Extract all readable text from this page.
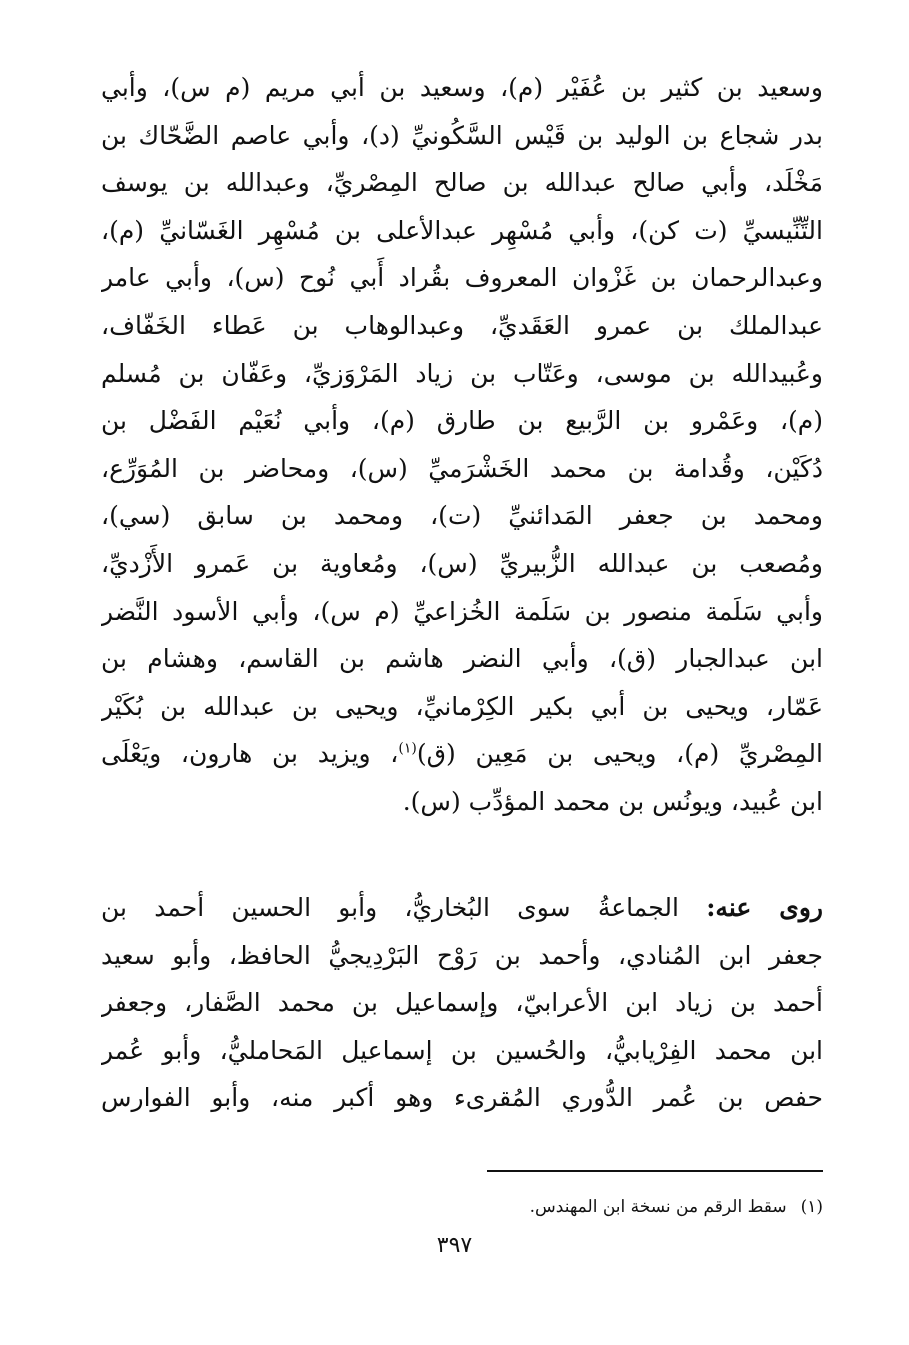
وسعيد بن كثير بن عُفَيْر (م)، وسعيد بن أبي مريم (م س)، وأبي
بدر شجاع بن الوليد بن قَيْس السَّكُونيِّ (د)، وأبي عاصم الضَّحّاك بن
مَخْلَد، وأبي صالح عبدالله بن صالح المِصْريِّ، وعبدالله بن يوسف
التِّنِّيسيِّ (ت كن)، وأبي مُسْهِر عبدالأعلى بن مُسْهِر الغَسّانيِّ (م)،
وعبدالرحمان بن غَزْوان المعروف بقُراد أَبي نُوح (س)، وأبي عامر
عبدالملك بن عمرو العَقَديِّ، وعبدالوهاب بن عَطاء الخَفّاف،
وعُبيدالله بن موسى، وعَتّاب بن زياد المَرْوَزيِّ، وعَفّان بن مُسلم
(م)، وعَمْرو بن الرَّبيع بن طارق (م)، وأبي نُعَيْم الفَضْل بن
دُكَيْن، وقُدامة بن محمد الخَشْرَميِّ (س)، ومحاضر بن المُوَرِّع،
ومحمد بن جعفر المَدائنيِّ (ت)، ومحمد بن سابق (سي)،
ومُصعب بن عبدالله الزُّبيريِّ (س)، ومُعاوية بن عَمرو الأَزْديِّ،
وأبي سَلَمة منصور بن سَلَمة الخُزاعيِّ (م س)، وأبي الأسود النَّضر
ابن عبدالجبار (ق)، وأبي النضر هاشم بن القاسم، وهشام بن
عَمّار، ويحيى بن أبي بكير الكِرْمانيِّ، ويحيى بن عبدالله بن بُكَيْر
المِصْريِّ (م)، ويحيى بن مَعِين (ق)$^{(١)}$، ويزيد بن هارون، ويَعْلَى
ابن عُبيد، ويونُس بن محمد المؤدِّب (س).
روى عنه: الجماعةُ سوى البُخاريُّ، وأبو الحسين أحمد بن
جعفر ابن المُنادي، وأحمد بن رَوْح البَرْدِيجيُّ الحافظ، وأبو سعيد
أحمد بن زياد ابن الأعرابيّ، وإسماعيل بن محمد الصَّفار، وجعفر
ابن محمد الفِرْيابيُّ، والحُسين بن إسماعيل المَحامليُّ، وأبو عُمر
حفص بن عُمر الدُّوري المُقرىء وهو أكبر منه، وأبو الفوارس
(١)سقط الرقم من نسخة ابن المهندس.
٣٩٧
